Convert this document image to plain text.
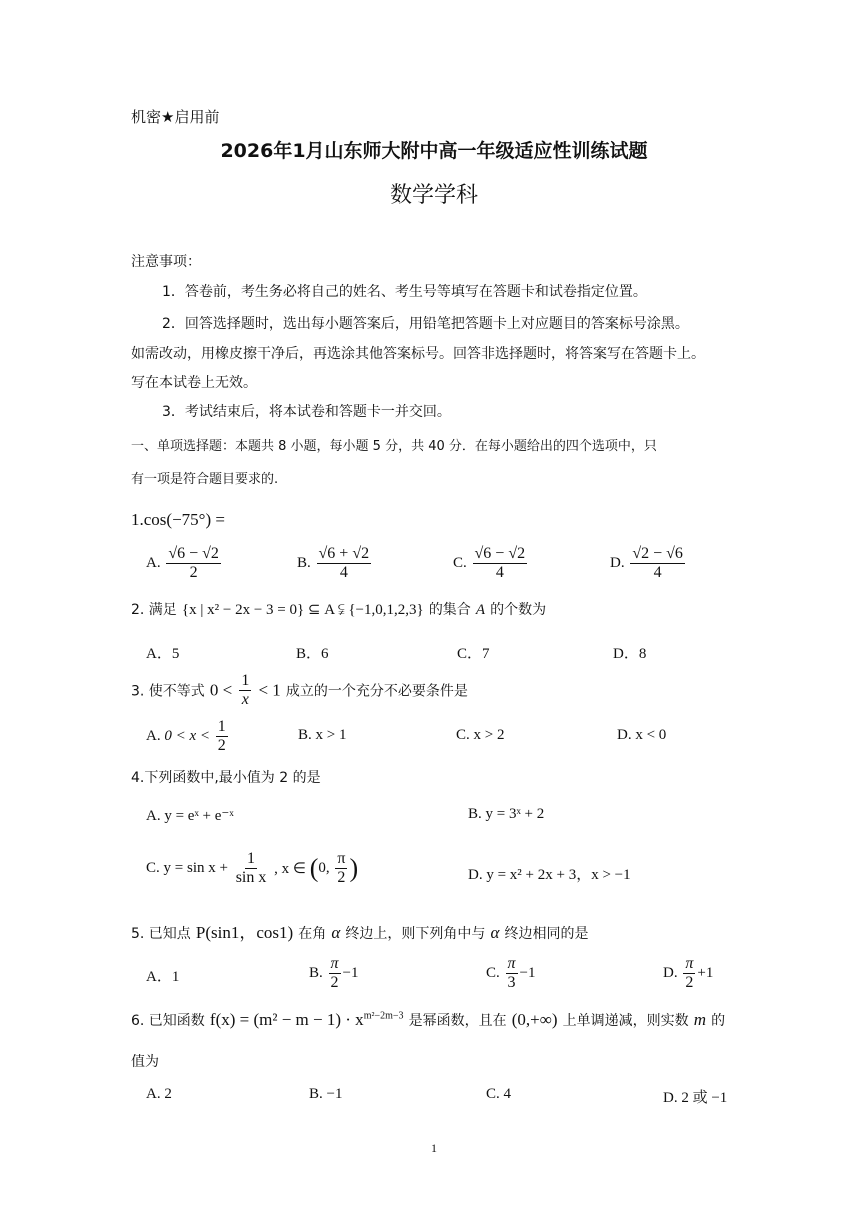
机密★启用前
2026年1月山东师大附中高一年级适应性训练试题
数学学科
注意事项：
1．答卷前，考生务必将自己的姓名、考生号等填写在答题卡和试卷指定位置。
2．回答选择题时，选出每小题答案后，用铅笔把答题卡上对应题目的答案标号涂黑。
如需改动，用橡皮擦干净后，再选涂其他答案标号。回答非选择题时，将答案写在答题卡上。
写在本试卷上无效。
3．考试结束后，将本试卷和答题卡一并交回。
一、单项选择题：本题共 8 小题，每小题 5 分，共 40 分．在每小题给出的四个选项中，只
有一项是符合题目要求的.
1.cos(−75°) =
A. $\frac{√6 - √2}{2}$	B. $\frac{√6 + √2}{4}$	C. $\frac{√6 - √2}{4}$	D. $\frac{√2 - √6}{4}$
2. 满足 {x | x² − 2x − 3 = 0} ⊆ A ⫋ {−1,0,1,2,3} 的集合 A 的个数为
A．5	B．6	C．7	D．8
3. 使不等式 $0 < \frac{1}{x} < 1$ 成立的一个充分不必要条件是
A. $0 < x < \frac{1}{2}$	B. x > 1	C. x > 2	D. x < 0
4.下列函数中,最小值为 2 的是
A. y = eˣ + e⁻ˣ	B. y = 3ˣ + 2
C. $y = \sin x + \frac{1}{\text{sin x}}$ , x ∈ (0, $\frac{\pi}{2}$ )	D. y = x² + 2x + 3，x > −1
5. 已知点 P(sin1，cos1) 在角 α 终边上，则下列角中与 α 终边相同的是
A．1	B. $\frac{\pi}{2} -1$	C. $\frac{\pi}{3} -1$	D. $\frac{\pi}{2} +1$
6. 已知函数 $f(x) = (m^2 - m - 1) \cdot x^{m^2-2m-3}$ 是幂函数，且在 (0,+∞) 上单调递减，则实数 m 的
值为
A. 2	B. −1	C. 4	D. 2 或 −1
1
